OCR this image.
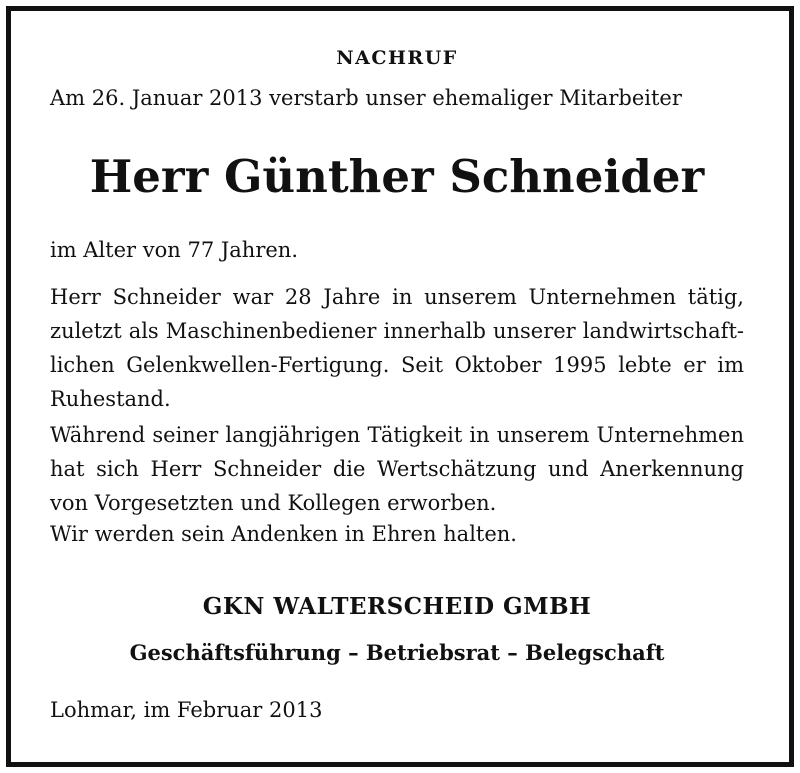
NACHRUF
Am 26. Januar 2013 verstarb unser ehemaliger Mitarbeiter
Herr Günther Schneider
im Alter von 77 Jahren.
Herr Schneider war 28 Jahre in unserem Unternehmen tätig, zuletzt als Maschinenbediener innerhalb unserer landwirtschaft-lichen Gelenkwellen-Fertigung. Seit Oktober 1995 lebte er im Ruhestand.
Während seiner langjährigen Tätigkeit in unserem Unternehmen hat sich Herr Schneider die Wertschätzung und Anerkennung von Vorgesetzten und Kollegen erworben.
Wir werden sein Andenken in Ehren halten.
GKN WALTERSCHEID GMBH
Geschäftsführung – Betriebsrat – Belegschaft
Lohmar, im Februar 2013
